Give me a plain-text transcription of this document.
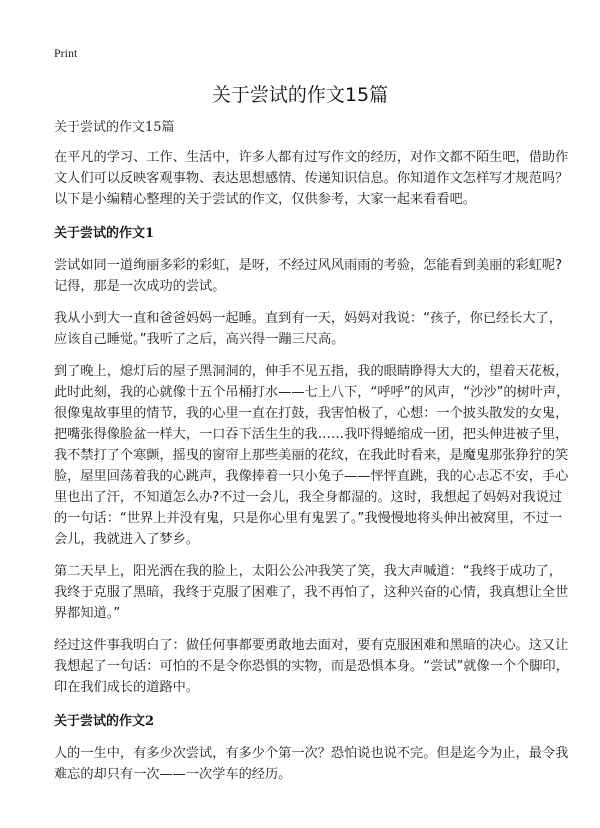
Print
关于尝试的作文15篇

关于尝试的作文15篇

在平凡的学习、工作、生活中，许多人都有过写作文的经历，对作文都不陌生吧，借助作文人们可以反映客观事物、表达思想感情、传递知识信息。你知道作文怎样写才规范吗？以下是小编精心整理的关于尝试的作文，仅供参考，大家一起来看看吧。

关于尝试的作文1

尝试如同一道绚丽多彩的彩虹，是呀，不经过风风雨雨的考验，怎能看到美丽的彩虹呢?记得，那是一次成功的尝试。

我从小到大一直和爸爸妈妈一起睡。直到有一天，妈妈对我说：“孩子，你已经长大了，应该自己睡觉。”我听了之后，高兴得一蹦三尺高。

到了晚上，熄灯后的屋子黑洞洞的，伸手不见五指，我的眼睛睁得大大的，望着天花板，此时此刻，我的心就像十五个吊桶打水——七上八下，“呼呼”的风声，“沙沙”的树叶声，很像鬼故事里的情节，我的心里一直在打鼓，我害怕极了，心想：一个披头散发的女鬼，把嘴张得像脸盆一样大，一口吞下活生生的我……我吓得蜷缩成一团，把头伸进被子里，我不禁打了个寒颤，摇曳的窗帘上那些美丽的花纹，在我此时看来，是魔鬼那张狰狞的笑脸，屋里回荡着我的心跳声，我像捧着一只小兔子——怦怦直跳，我的心忐忑不安，手心里也出了汗，不知道怎么办?不过一会儿，我全身都湿的。这时，我想起了妈妈对我说过的一句话：“世界上并没有鬼，只是你心里有鬼罢了。”我慢慢地将头伸出被窝里，不过一会儿，我就进入了梦乡。

第二天早上，阳光洒在我的脸上，太阳公公冲我笑了笑，我大声喊道：“我终于成功了，我终于克服了黑暗，我终于克服了困难了，我不再怕了，这种兴奋的心情，我真想让全世界都知道。”

经过这件事我明白了：做任何事都要勇敢地去面对，要有克服困难和黑暗的决心。这又让我想起了一句话：可怕的不是令你恐惧的实物，而是恐惧本身。“尝试”就像一个个脚印，印在我们成长的道路中。

关于尝试的作文2

人的一生中，有多少次尝试，有多少个第一次？恐怕说也说不完。但是迄今为止，最令我难忘的却只有一次——一次学车的经历。
